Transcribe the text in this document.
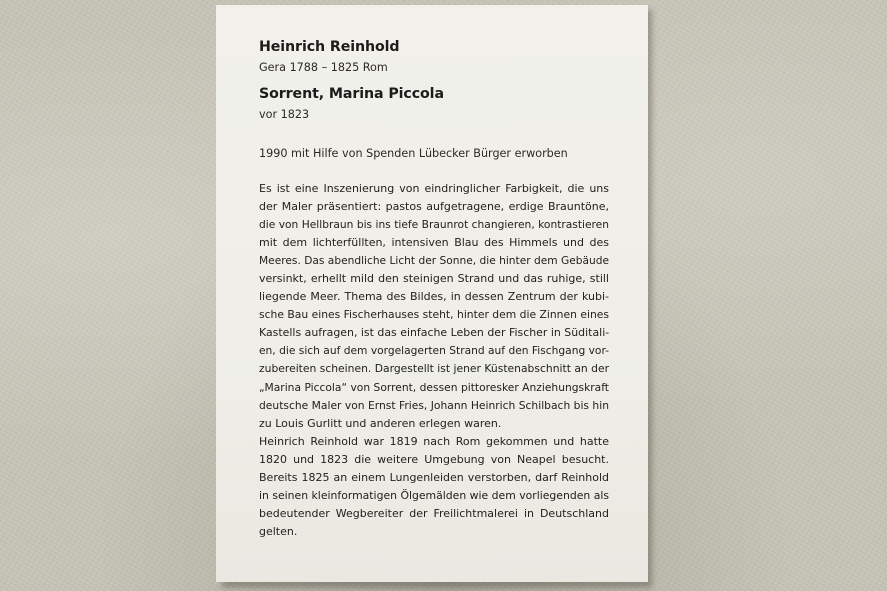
Heinrich Reinhold

Gera 1788 – 1825 Rom

Sorrent, Marina Piccola

vor 1823

1990 mit Hilfe von Spenden Lübecker Bürger erworben

Es ist eine Inszenierung von eindringlicher Farbigkeit, die uns
der Maler präsentiert: pastos aufgetragene, erdige Brauntöne,
die von Hellbraun bis ins tiefe Braunrot changieren, kontrastieren
mit dem lichterfüllten, intensiven Blau des Himmels und des
Meeres. Das abendliche Licht der Sonne, die hinter dem Gebäude
versinkt, erhellt mild den steinigen Strand und das ruhige, still
liegende Meer. Thema des Bildes, in dessen Zentrum der kubi-
sche Bau eines Fischerhauses steht, hinter dem die Zinnen eines
Kastells aufragen, ist das einfache Leben der Fischer in Süditali-
en, die sich auf dem vorgelagerten Strand auf den Fischgang vor-
zubereiten scheinen. Dargestellt ist jener Küstenabschnitt an der
„Marina Piccola“ von Sorrent, dessen pittoresker Anziehungskraft
deutsche Maler von Ernst Fries, Johann Heinrich Schilbach bis hin
zu Louis Gurlitt und anderen erlegen waren.
Heinrich Reinhold war 1819 nach Rom gekommen und hatte
1820 und 1823 die weitere Umgebung von Neapel besucht.
Bereits 1825 an einem Lungenleiden verstorben, darf Reinhold
in seinen kleinformatigen Ölgemälden wie dem vorliegenden als
bedeutender Wegbereiter der Freilichtmalerei in Deutschland
gelten.
